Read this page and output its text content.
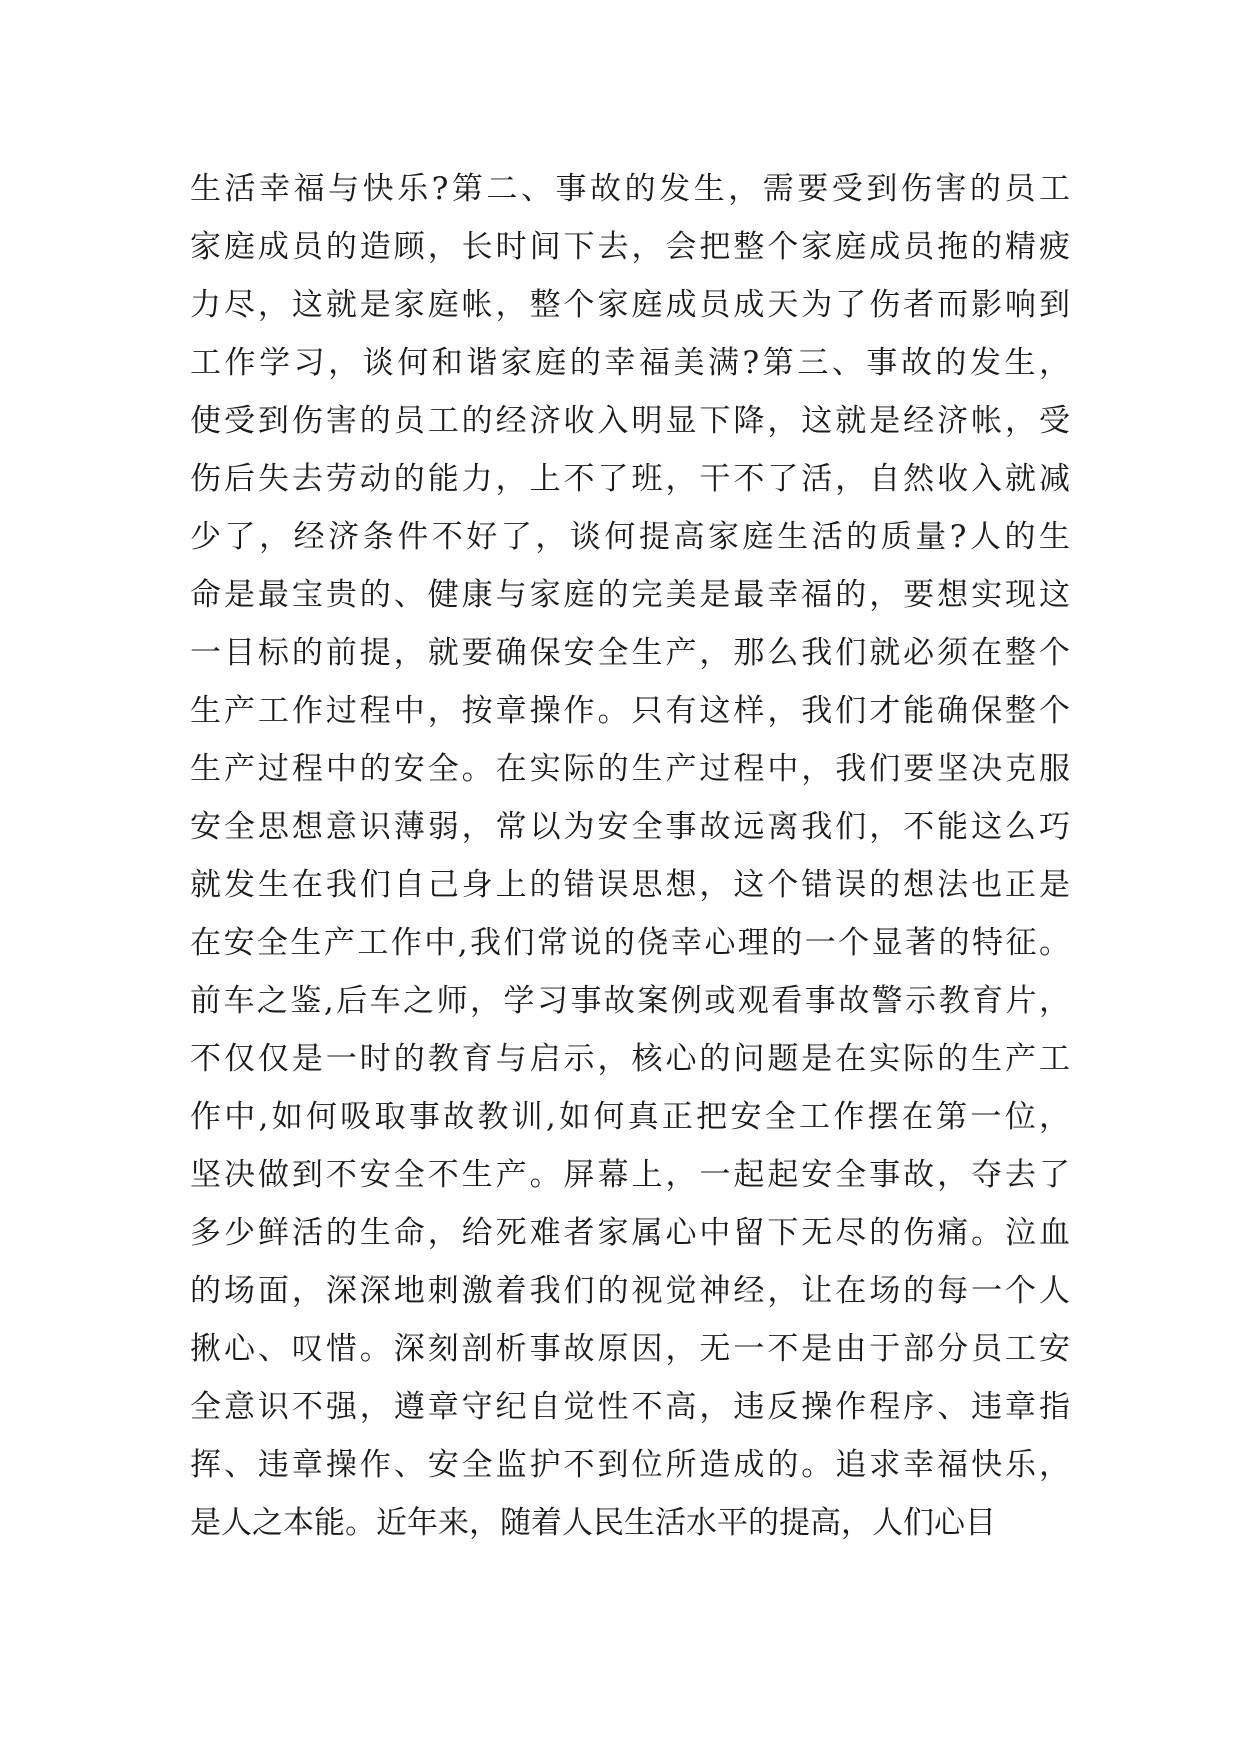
生活幸福与快乐?第二、事故的发生，需要受到伤害的员工
家庭成员的造顾，长时间下去，会把整个家庭成员拖的精疲
力尽，这就是家庭帐，整个家庭成员成天为了伤者而影响到
工作学习，谈何和谐家庭的幸福美满?第三、事故的发生，
使受到伤害的员工的经济收入明显下降，这就是经济帐，受
伤后失去劳动的能力，上不了班，干不了活，自然收入就减
少了，经济条件不好了，谈何提高家庭生活的质量?人的生
命是最宝贵的、健康与家庭的完美是最幸福的，要想实现这
一目标的前提，就要确保安全生产，那么我们就必须在整个
生产工作过程中，按章操作。只有这样，我们才能确保整个
生产过程中的安全。在实际的生产过程中，我们要坚决克服
安全思想意识薄弱，常以为安全事故远离我们，不能这么巧
就发生在我们自己身上的错误思想，这个错误的想法也正是
在安全生产工作中,我们常说的侥幸心理的一个显著的特征。
前车之鉴,后车之师，学习事故案例或观看事故警示教育片，
不仅仅是一时的教育与启示，核心的问题是在实际的生产工
作中,如何吸取事故教训,如何真正把安全工作摆在第一位，
坚决做到不安全不生产。屏幕上，一起起安全事故，夺去了
多少鲜活的生命，给死难者家属心中留下无尽的伤痛。泣血
的场面，深深地刺激着我们的视觉神经，让在场的每一个人
揪心、叹惜。深刻剖析事故原因，无一不是由于部分员工安
全意识不强，遵章守纪自觉性不高，违反操作程序、违章指
挥、违章操作、安全监护不到位所造成的。追求幸福快乐，
是人之本能。近年来，随着人民生活水平的提高，人们心目
